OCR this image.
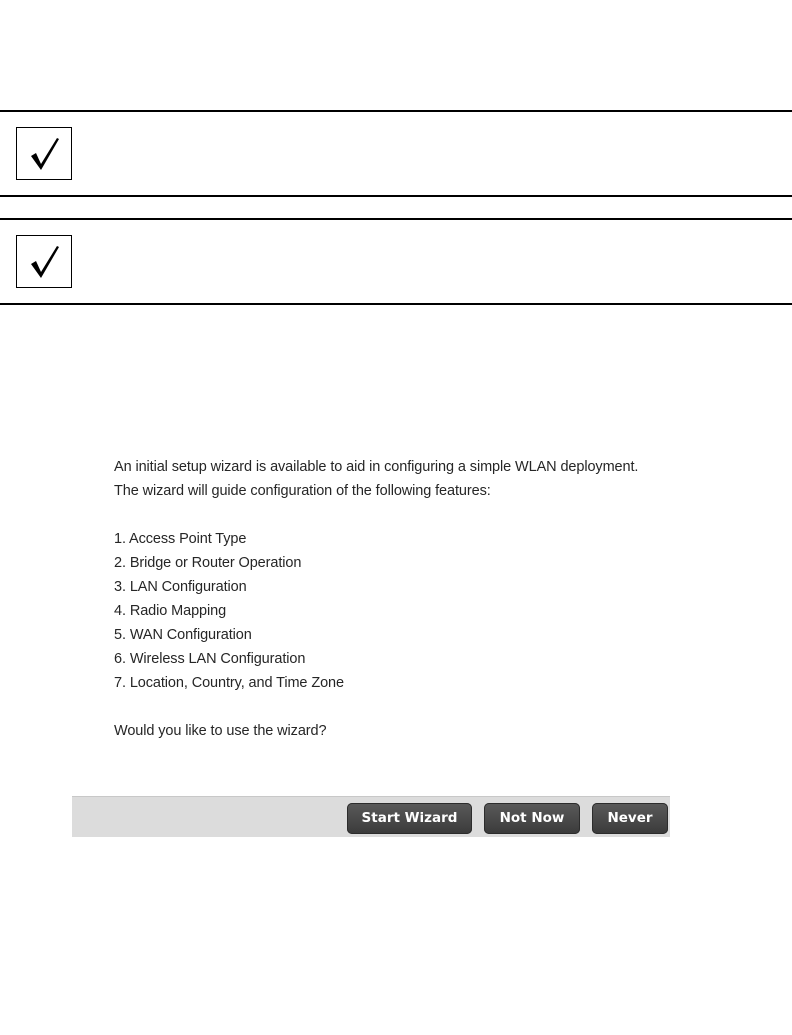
An initial setup wizard is available to aid in configuring a simple WLAN deployment. The wizard will guide configuration of the following features:

1. Access Point Type
2. Bridge or Router Operation
3. LAN Configuration
4. Radio Mapping
5. WAN Configuration
6. Wireless LAN Configuration
7. Location, Country, and Time Zone

Would you like to use the wizard?

Start Wizard	Not Now	Never
